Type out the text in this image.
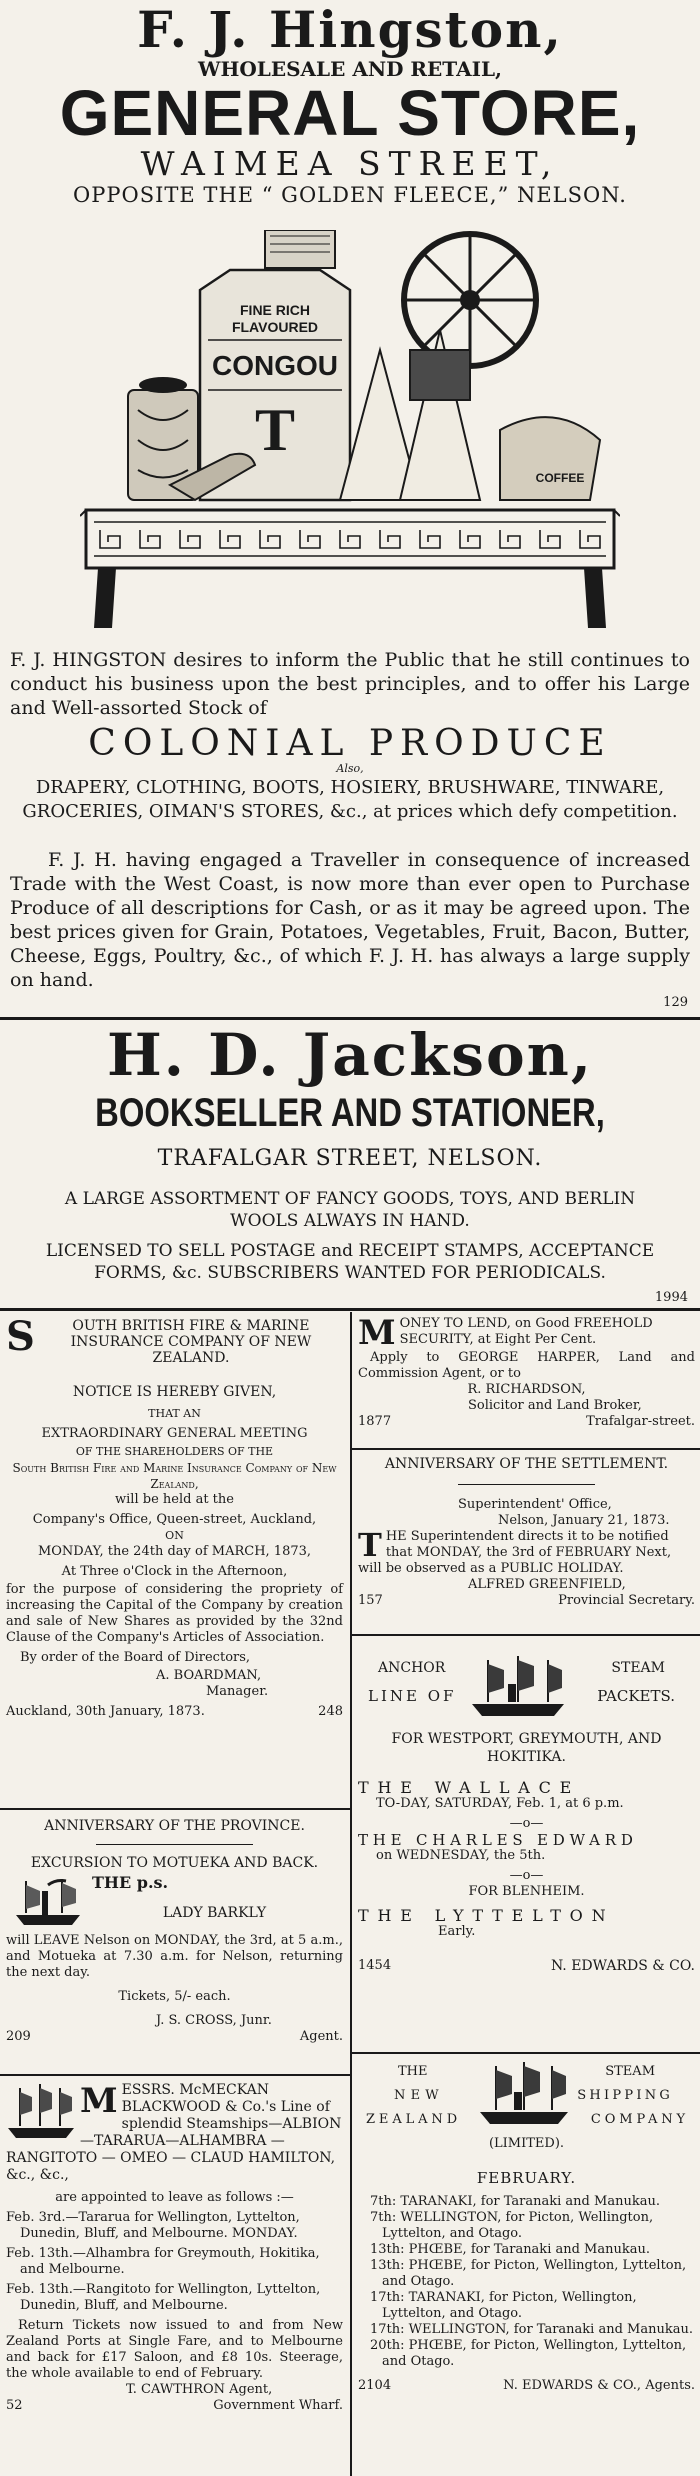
F. J. Hingston,
WHOLESALE AND RETAIL,
GENERAL STORE,
WAIMEA STREET,
OPPOSITE THE “ GOLDEN FLEECE,” NELSON.
FINE RICH
FLAVOURED
CONGOU
T
COFFEE
F. J. HINGSTON desires to inform the Public that he still continues to conduct his business upon the best principles, and to offer his Large and Well-assorted Stock of
COLONIAL PRODUCE
Also,
DRAPERY, CLOTHING, BOOTS, HOSIERY, BRUSHWARE, TINWARE, GROCERIES, OIMAN'S STORES, &c., at prices which defy competition.
F. J. H. having engaged a Traveller in consequence of increased Trade with the West Coast, is now more than ever open to Purchase Produce of all descriptions for Cash, or as it may be agreed upon. The best prices given for Grain, Potatoes, Vegetables, Fruit, Bacon, Butter, Cheese, Eggs, Poultry, &c., of which F. J. H. has always a large supply on hand.
129
H. D. Jackson,
BOOKSELLER AND STATIONER,
TRAFALGAR STREET, NELSON.
A LARGE ASSORTMENT OF FANCY GOODS, TOYS, AND BERLIN WOOLS ALWAYS IN HAND.
LICENSED TO SELL POSTAGE and RECEIPT STAMPS, ACCEPTANCE FORMS, &c. SUBSCRIBERS WANTED FOR PERIODICALS.
1994
S	OUTH BRITISH FIRE & MARINE INSURANCE COMPANY OF NEW ZEALAND.
NOTICE IS HEREBY GIVEN,
THAT AN
EXTRAORDINARY GENERAL MEETING
OF THE SHAREHOLDERS OF THE
South British Fire and Marine Insurance Company of New Zealand,
will be held at the
Company's Office, Queen-street, Auckland,
ON
MONDAY, the 24th day of MARCH, 1873,
At Three o'Clock in the Afternoon,
for the purpose of considering the propriety of increasing the Capital of the Company by creation and sale of New Shares as provided by the 32nd Clause of the Company's Articles of Association.
By order of the Board of Directors,
A. BOARDMAN,
Manager.
Auckland, 30th January, 1873.	248
ANNIVERSARY OF THE PROVINCE.
EXCURSION TO MOTUEKA AND BACK.
THE p.s.
LADY BARKLY
will LEAVE Nelson on MONDAY, the 3rd, at 5 a.m., and Motueka at 7.30 a.m. for Nelson, returning the next day.
Tickets, 5/- each.
J. S. CROSS, Junr.
209	Agent.
M ESSRS. McMECKAN BLACKWOOD & Co.'s Line of splendid Steamships—ALBION—TARARUA—ALHAMBRA — RANGITOTO — OMEO — CLAUD HAMILTON, &c., &c.,
are appointed to leave as follows :—
Feb. 3rd.—Tararua for Wellington, Lyttelton, Dunedin, Bluff, and Melbourne. MONDAY.
Feb. 13th.—Alhambra for Greymouth, Hokitika, and Melbourne.
Feb. 13th.—Rangitoto for Wellington, Lyttelton, Dunedin, Bluff, and Melbourne.
Return Tickets now issued to and from New Zealand Ports at Single Fare, and to Melbourne and back for £17 Saloon, and £8 10s. Steerage, the whole available to end of February.
T. CAWTHRON Agent,
52	Government Wharf.
M ONEY TO LEND, on Good FREEHOLD SECURITY, at Eight Per Cent.
Apply to GEORGE HARPER, Land and Commission Agent, or to
R. RICHARDSON,
Solicitor and Land Broker,
1877	Trafalgar-street.
ANNIVERSARY OF THE SETTLEMENT.
Superintendent' Office,
Nelson, January 21, 1873.
T HE Superintendent directs it to be notified that MONDAY, the 3rd of FEBRUARY Next, will be observed as a PUBLIC HOLIDAY.
ALFRED GREENFIELD,
157	Provincial Secretary.
ANCHOR	STEAM
LINE OF	PACKETS.
FOR WESTPORT, GREYMOUTH, AND HOKITIKA.
THE WALLACE
TO-DAY, SATURDAY, Feb. 1, at 6 p.m.
—o—
THE CHARLES EDWARD
on WEDNESDAY, the 5th.
—o—
FOR BLENHEIM.
THE LYTTELTON
Early.
1454	N. EDWARDS & CO.
THE
NEW
ZEALAND
STEAM
SHIPPING
COMPANY
(LIMITED).
FEBRUARY.
7th: TARANAKI, for Taranaki and Manukau.
7th: WELLINGTON, for Picton, Wellington, Lyttelton, and Otago.
13th: PHŒBE, for Taranaki and Manukau.
13th: PHŒBE, for Picton, Wellington, Lyttelton, and Otago.
17th: TARANAKI, for Picton, Wellington, Lyttelton, and Otago.
17th: WELLINGTON, for Taranaki and Manukau.
20th: PHŒBE, for Picton, Wellington, Lyttelton, and Otago.
2104	N. EDWARDS & CO., Agents.
